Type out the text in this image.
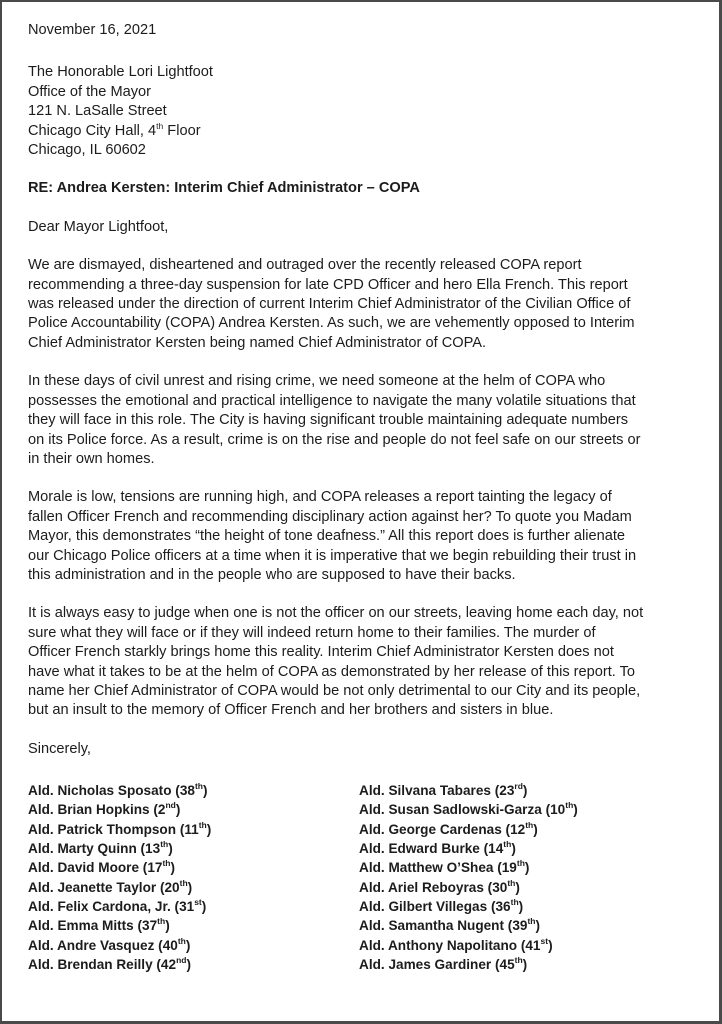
November 16, 2021
The Honorable Lori Lightfoot
Office of the Mayor
121 N. LaSalle Street
Chicago City Hall, 4th Floor
Chicago, IL 60602
RE: Andrea Kersten: Interim Chief Administrator – COPA
Dear Mayor Lightfoot,
We are dismayed, disheartened and outraged over the recently released COPA report
recommending a three-day suspension for late CPD Officer and hero Ella French. This report
was released under the direction of current Interim Chief Administrator of the Civilian Office of
Police Accountability (COPA) Andrea Kersten. As such, we are vehemently opposed to Interim
Chief Administrator Kersten being named Chief Administrator of COPA.
In these days of civil unrest and rising crime, we need someone at the helm of COPA who
possesses the emotional and practical intelligence to navigate the many volatile situations that
they will face in this role. The City is having significant trouble maintaining adequate numbers
on its Police force. As a result, crime is on the rise and people do not feel safe on our streets or
in their own homes.
Morale is low, tensions are running high, and COPA releases a report tainting the legacy of
fallen Officer French and recommending disciplinary action against her? To quote you Madam
Mayor, this demonstrates “the height of tone deafness.” All this report does is further alienate
our Chicago Police officers at a time when it is imperative that we begin rebuilding their trust in
this administration and in the people who are supposed to have their backs.
It is always easy to judge when one is not the officer on our streets, leaving home each day, not
sure what they will face or if they will indeed return home to their families. The murder of
Officer French starkly brings home this reality. Interim Chief Administrator Kersten does not
have what it takes to be at the helm of COPA as demonstrated by her release of this report. To
name her Chief Administrator of COPA would be not only detrimental to our City and its people,
but an insult to the memory of Officer French and her brothers and sisters in blue.
Sincerely,
Ald. Nicholas Sposato (38th)
Ald. Brian Hopkins (2nd)
Ald. Patrick Thompson (11th)
Ald. Marty Quinn (13th)
Ald. David Moore (17th)
Ald. Jeanette Taylor (20th)
Ald. Felix Cardona, Jr. (31st)
Ald. Emma Mitts (37th)
Ald. Andre Vasquez (40th)
Ald. Brendan Reilly (42nd)
Ald. Silvana Tabares (23rd)
Ald. Susan Sadlowski-Garza (10th)
Ald. George Cardenas (12th)
Ald. Edward Burke (14th)
Ald. Matthew O’Shea (19th)
Ald. Ariel Reboyras (30th)
Ald. Gilbert Villegas (36th)
Ald. Samantha Nugent (39th)
Ald. Anthony Napolitano (41st)
Ald. James Gardiner (45th)
